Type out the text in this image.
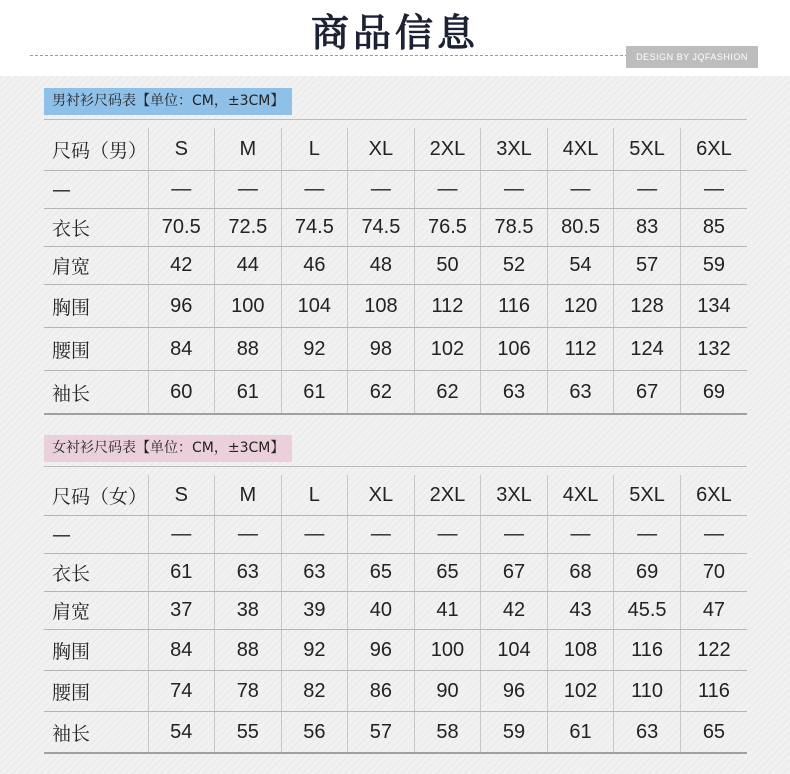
商品信息
DESIGN BY JQFASHION
男衬衫尺码表【单位：CM，±3CM】
尺码（男）	S	M	L	XL	2XL	3XL	4XL	5XL	6XL
—	—	—	—	—	—	—	—	—	—
衣长	70.5	72.5	74.5	74.5	76.5	78.5	80.5	83	85
肩宽	42	44	46	48	50	52	54	57	59
胸围	96	100	104	108	112	116	120	128	134
腰围	84	88	92	98	102	106	112	124	132
袖长	60	61	61	62	62	63	63	67	69
女衬衫尺码表【单位：CM，±3CM】
尺码（女）	S	M	L	XL	2XL	3XL	4XL	5XL	6XL
—	—	—	—	—	—	—	—	—	—
衣长	61	63	63	65	65	67	68	69	70
肩宽	37	38	39	40	41	42	43	45.5	47
胸围	84	88	92	96	100	104	108	116	122
腰围	74	78	82	86	90	96	102	110	116
袖长	54	55	56	57	58	59	61	63	65
